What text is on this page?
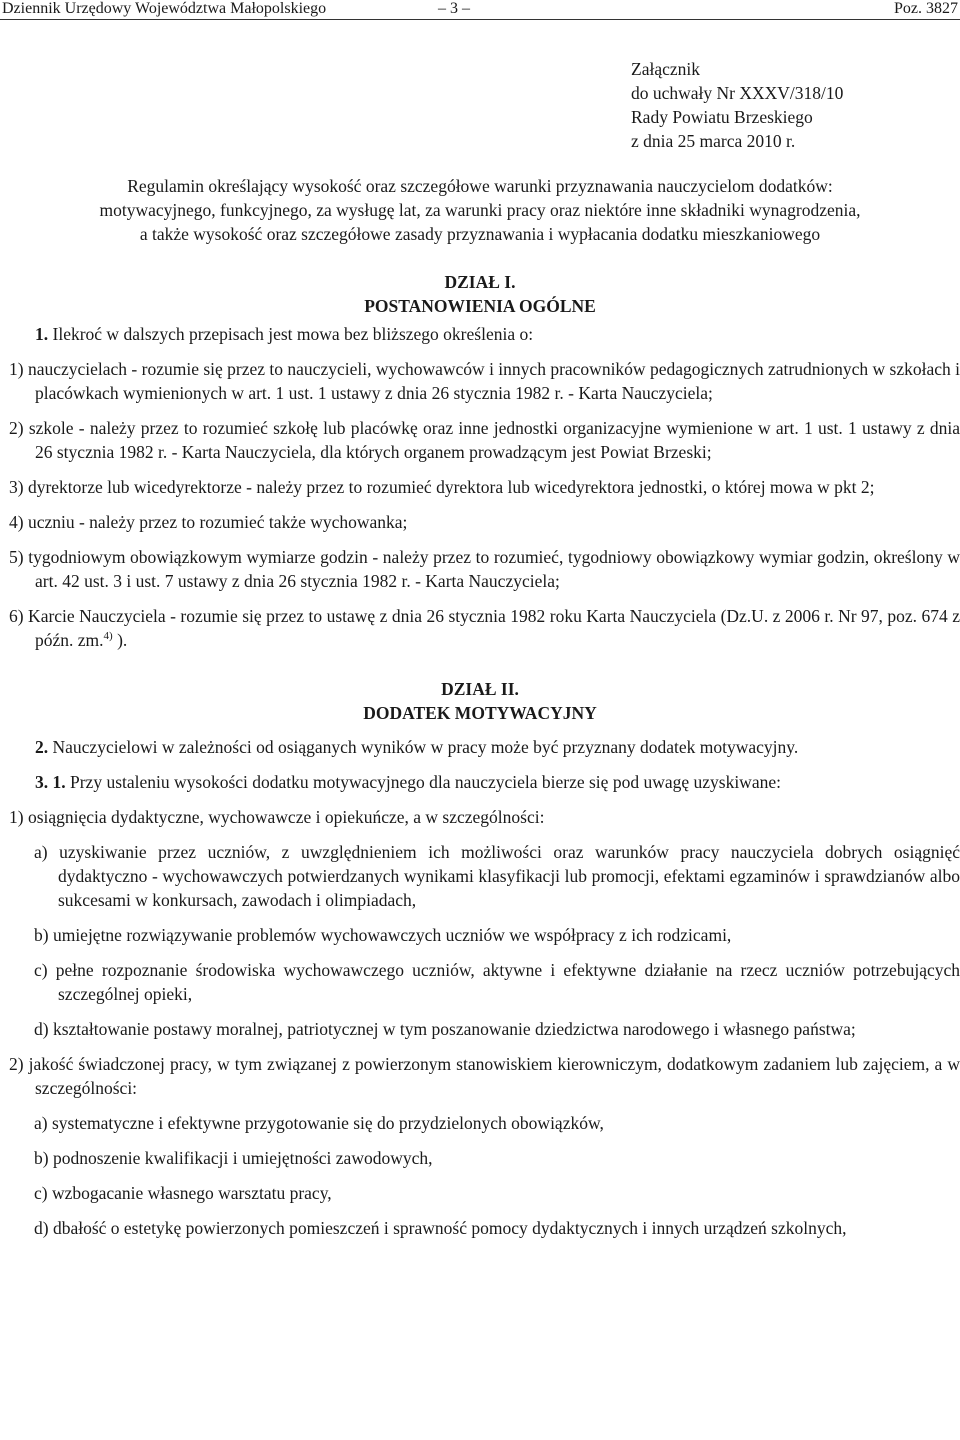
Dziennik Urzędowy Województwa Małopolskiego	– 3 –	Poz. 3827
Załącznik
do uchwały Nr XXXV/318/10
Rady Powiatu Brzeskiego
z dnia 25 marca 2010 r.

Regulamin określający wysokość oraz szczegółowe warunki przyznawania nauczycielom dodatków:
motywacyjnego, funkcyjnego, za wysługę lat, za warunki pracy oraz niektóre inne składniki wynagrodzenia,
a także wysokość oraz szczegółowe zasady przyznawania i wypłacania dodatku mieszkaniowego

DZIAŁ I.
POSTANOWIENIA OGÓLNE

1. Ilekroć w dalszych przepisach jest mowa bez bliższego określenia o:

1) nauczycielach - rozumie się przez to nauczycieli, wychowawców i innych pracowników pedagogicznych zatrudnionych w szkołach i placówkach wymienionych w art. 1 ust. 1 ustawy z dnia 26 stycznia 1982 r. - Karta Nauczyciela;

2) szkole - należy przez to rozumieć szkołę lub placówkę oraz inne jednostki organizacyjne wymienione w art. 1 ust. 1 ustawy z dnia 26 stycznia 1982 r. - Karta Nauczyciela, dla których organem prowadzącym jest Powiat Brzeski;

3) dyrektorze lub wicedyrektorze - należy przez to rozumieć dyrektora lub wicedyrektora jednostki, o której mowa w pkt 2;

4) uczniu - należy przez to rozumieć także wychowanka;

5) tygodniowym obowiązkowym wymiarze godzin - należy przez to rozumieć, tygodniowy obowiązkowy wymiar godzin, określony w art. 42 ust. 3 i ust. 7 ustawy z dnia 26 stycznia 1982 r. - Karta Nauczyciela;

6) Karcie Nauczyciela - rozumie się przez to ustawę z dnia 26 stycznia 1982 roku Karta Nauczyciela (Dz.U. z 2006 r. Nr 97, poz. 674 z późn. zm.$^{4)}$ ).

DZIAŁ II.
DODATEK MOTYWACYJNY

2. Nauczycielowi w zależności od osiąganych wyników w pracy może być przyznany dodatek motywacyjny.

3. 1. Przy ustaleniu wysokości dodatku motywacyjnego dla nauczyciela bierze się pod uwagę uzyskiwane:

1) osiągnięcia dydaktyczne, wychowawcze i opiekuńcze, a w szczególności:

a) uzyskiwanie przez uczniów, z uwzględnieniem ich możliwości oraz warunków pracy nauczyciela dobrych osiągnięć dydaktyczno - wychowawczych potwierdzanych wynikami klasyfikacji lub promocji, efektami egzaminów i sprawdzianów albo sukcesami w konkursach, zawodach i olimpiadach,

b) umiejętne rozwiązywanie problemów wychowawczych uczniów we współpracy z ich rodzicami,

c) pełne rozpoznanie środowiska wychowawczego uczniów, aktywne i efektywne działanie na rzecz uczniów potrzebujących szczególnej opieki,

d) kształtowanie postawy moralnej, patriotycznej w tym poszanowanie dziedzictwa narodowego i własnego państwa;

2) jakość świadczonej pracy, w tym związanej z powierzonym stanowiskiem kierowniczym, dodatkowym zadaniem lub zajęciem, a w szczególności:

a) systematyczne i efektywne przygotowanie się do przydzielonych obowiązków,

b) podnoszenie kwalifikacji i umiejętności zawodowych,

c) wzbogacanie własnego warsztatu pracy,

d) dbałość o estetykę powierzonych pomieszczeń i sprawność pomocy dydaktycznych i innych urządzeń szkolnych,
